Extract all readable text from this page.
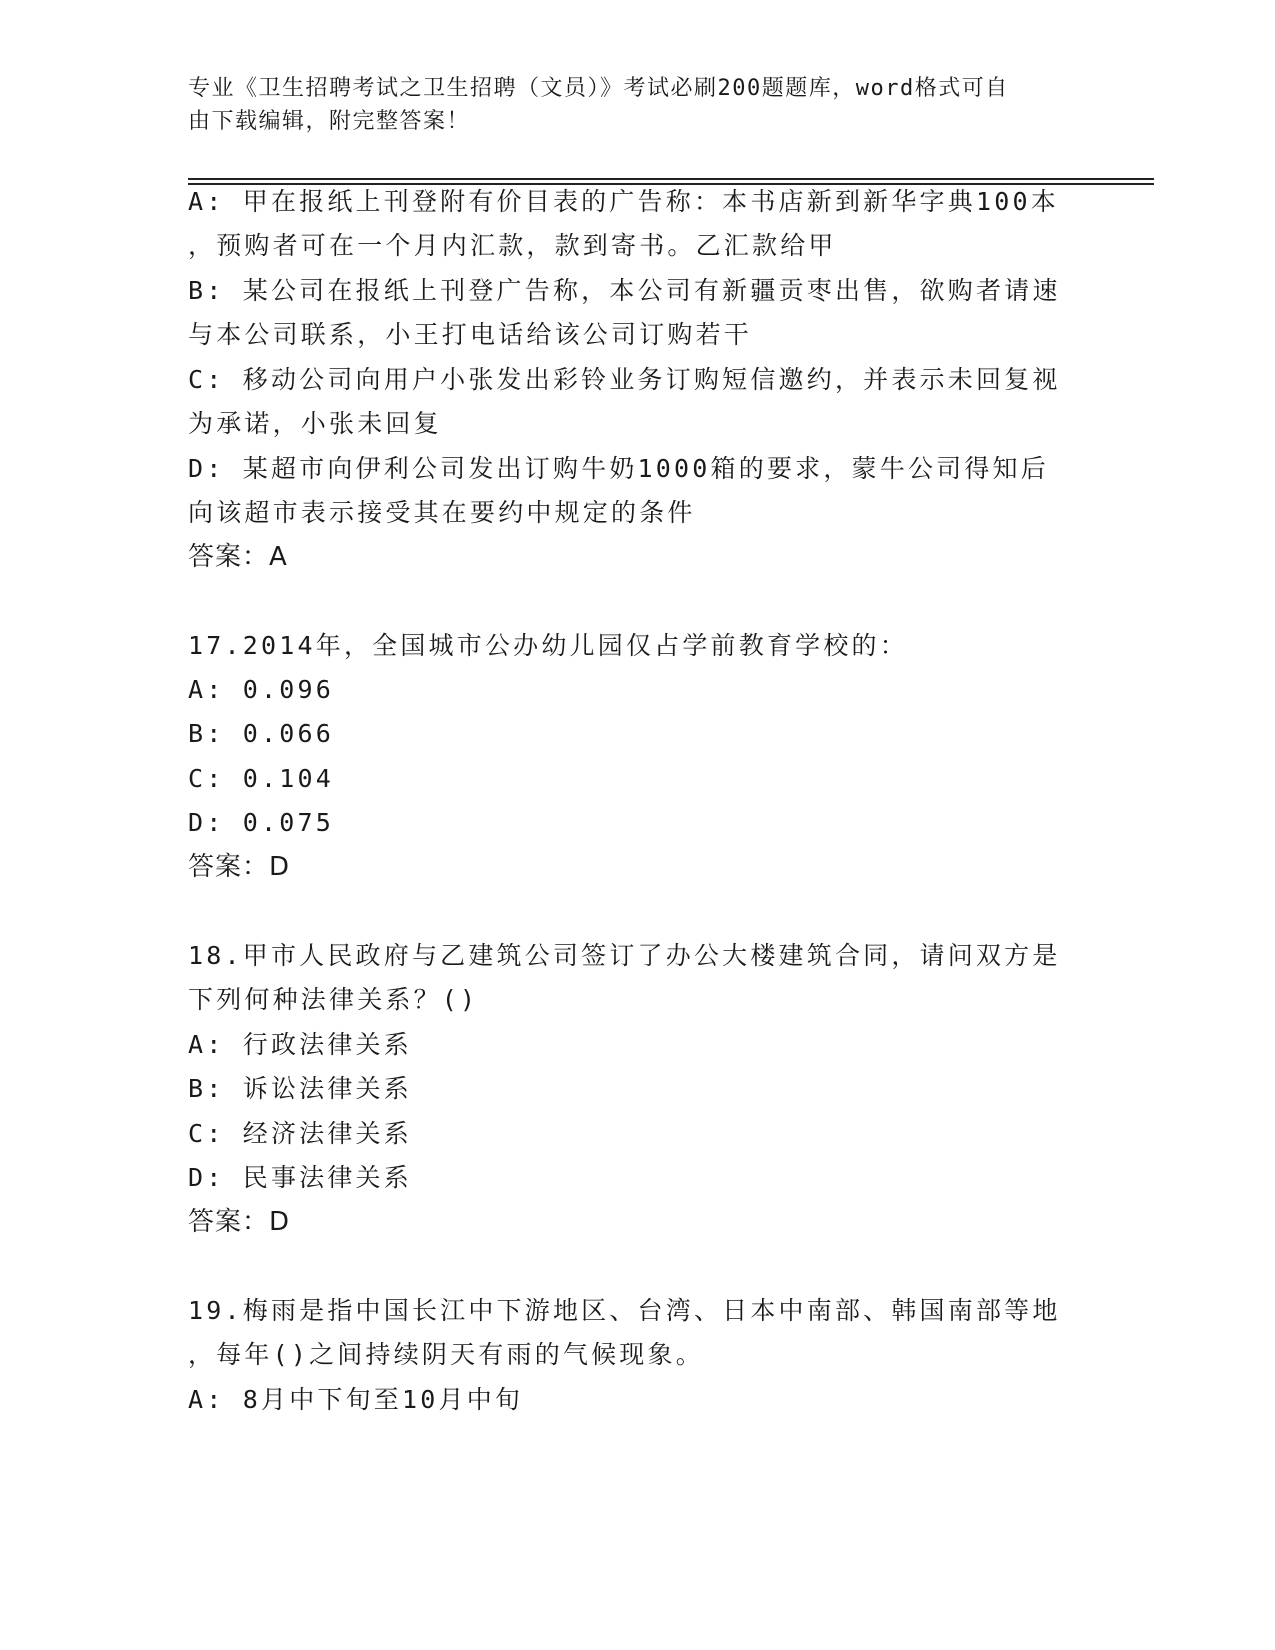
专业《卫生招聘考试之卫生招聘（文员）》考试必刷200题题库，word格式可自
由下载编辑，附完整答案！
A: 甲在报纸上刊登附有价目表的广告称：本书店新到新华字典100本
，预购者可在一个月内汇款，款到寄书。乙汇款给甲
B: 某公司在报纸上刊登广告称，本公司有新疆贡枣出售，欲购者请速
与本公司联系，小王打电话给该公司订购若干
C: 移动公司向用户小张发出彩铃业务订购短信邀约，并表示未回复视
为承诺，小张未回复
D: 某超市向伊利公司发出订购牛奶1000箱的要求，蒙牛公司得知后
向该超市表示接受其在要约中规定的条件
答案：A
17.2014年，全国城市公办幼儿园仅占学前教育学校的：
A: 0.096
B: 0.066
C: 0.104
D: 0.075
答案：D
18.甲市人民政府与乙建筑公司签订了办公大楼建筑合同，请问双方是
下列何种法律关系？()
A: 行政法律关系
B: 诉讼法律关系
C: 经济法律关系
D: 民事法律关系
答案：D
19.梅雨是指中国长江中下游地区、台湾、日本中南部、韩国南部等地
，每年()之间持续阴天有雨的气候现象。
A: 8月中下旬至10月中旬
